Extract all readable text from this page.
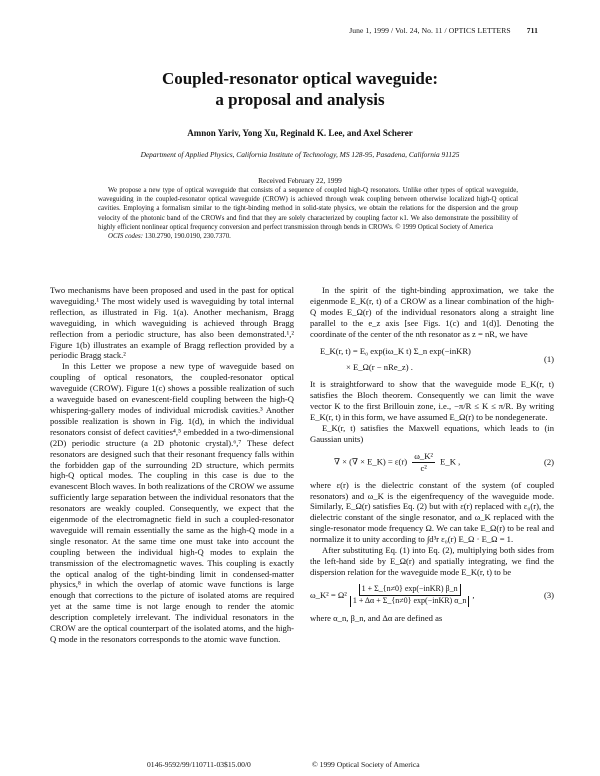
June 1, 1999 / Vol. 24, No. 11 / OPTICS LETTERS 711
Coupled-resonator optical waveguide:
a proposal and analysis
Amnon Yariv, Yong Xu, Reginald K. Lee, and Axel Scherer
Department of Applied Physics, California Institute of Technology, MS 128-95, Pasadena, California 91125
Received February 22, 1999

We propose a new type of optical waveguide that consists of a sequence of coupled high-Q resonators. Unlike other types of optical waveguide, waveguiding in the coupled-resonator optical waveguide (CROW) is achieved through weak coupling between otherwise localized high-Q optical cavities. Employing a formalism similar to the tight-binding method in solid-state physics, we obtain the relations for the dispersion and the group velocity of the photonic band of the CROWs and find that they are solely characterized by coupling factor κ1. We also demonstrate the possibility of highly efficient nonlinear optical frequency conversion and perfect transmission through bends in CROWs. © 1999 Optical Society of America

OCIS codes: 130.2790, 190.0190, 230.7370.

Two mechanisms have been proposed and used in the past for optical waveguiding.¹ The most widely used is waveguiding by total internal reflection, as illustrated in Fig. 1(a). Another mechanism, Bragg waveguiding, in which waveguiding is achieved through Bragg reflection from a periodic structure, has also been demonstrated.¹,² Figure 1(b) illustrates an example of Bragg reflection provided by a periodic Bragg stack.²

In this Letter we propose a new type of waveguide based on coupling of optical resonators, the coupled-resonator optical waveguide (CROW). Figure 1(c) shows a possible realization of such a waveguide based on evanescent-field coupling between the high-Q whispering-gallery modes of individual microdisk cavities.³ Another possible realization is shown in Fig. 1(d), in which the individual resonators consist of defect cavities⁴,⁵ embedded in a two-dimensional (2D) periodic structure (a 2D photonic crystal).⁶,⁷ These defect resonators are designed such that their resonant frequency falls within the forbidden gap of the surrounding 2D structure, which permits high-Q optical modes. The coupling in this case is due to the evanescent Bloch waves. In both realizations of the CROW we assume sufficiently large separation between the individual resonators that the resonators are weakly coupled. Consequently, we expect that the eigenmode of the electromagnetic field in such a coupled-resonator waveguide will remain essentially the same as the high-Q mode in a single resonator. At the same time one must take into account the coupling between the individual high-Q modes to explain the transmission of the electromagnetic waves. This coupling is exactly the optical analog of the tight-binding limit in condensed-matter physics,⁸ in which the overlap of atomic wave functions is large enough that corrections to the picture of isolated atoms are required yet at the same time is not large enough to render the atomic description completely irrelevant. The individual resonators in the CROW are the optical counterpart of the isolated atoms, and the high-Q mode in the resonators corresponds to the atomic wave function.

In the spirit of the tight-binding approximation, we take the eigenmode E_K(r, t) of a CROW as a linear combination of the high-Q modes E_Ω(r) of the individual resonators along a straight line parallel to the e_z axis [see Figs. 1(c) and 1(d)]. Denoting the coordinate of the center of the nth resonator as z = nR, we have

E_K(r, t) = E₀ exp(iω_K t) Σ_n exp(−inKR)
× E_Ω(r − nRe_z) .
(1)

It is straightforward to show that the waveguide mode E_K(r, t) satisfies the Bloch theorem. Consequently we can limit the wave vector K to the first Brillouin zone, i.e., −π/R ≤ K ≤ π/R. By writing E_K(r, t) in this form, we have assumed E_Ω(r) to be nondegenerate.

E_K(r, t) satisfies the Maxwell equations, which leads to (in Gaussian units)

∇ × (∇ × E_K) = $\varepsilon(r) \frac{\text{ω\_K²}}{\text{c²}}$ E_K ,	(2)

where ε(r) is the dielectric constant of the system (of coupled resonators) and ω_K is the eigenfrequency of the waveguide mode. Similarly, E_Ω(r) satisfies Eq. (2) but with ε(r) replaced with ε₀(r), the dielectric constant of the single resonator, and ω_K replaced with the single-resonator mode frequency Ω. We can take E_Ω(r) to be real and normalize it to unity according to ∫d³r ε₀(r) E_Ω · E_Ω = 1.

After substituting Eq. (1) into Eq. (2), multiplying both sides from the left-hand side by E_Ω(r) and spatially integrating, we find the dispersion relation for the waveguide mode E_K(r, t) to be

ω_K² = $\Omega^2 \frac{\text{1 + Σ\_\{n≠0\} exp(−inKR) β\_n}}{\text{1 + Δα + Σ\_\{n≠0\} exp(−inKR) α\_n}}$ ,	(3)

where α_n, β_n, and Δα are defined as

0146-9592/99/110711-03$15.00/0	© 1999 Optical Society of America
